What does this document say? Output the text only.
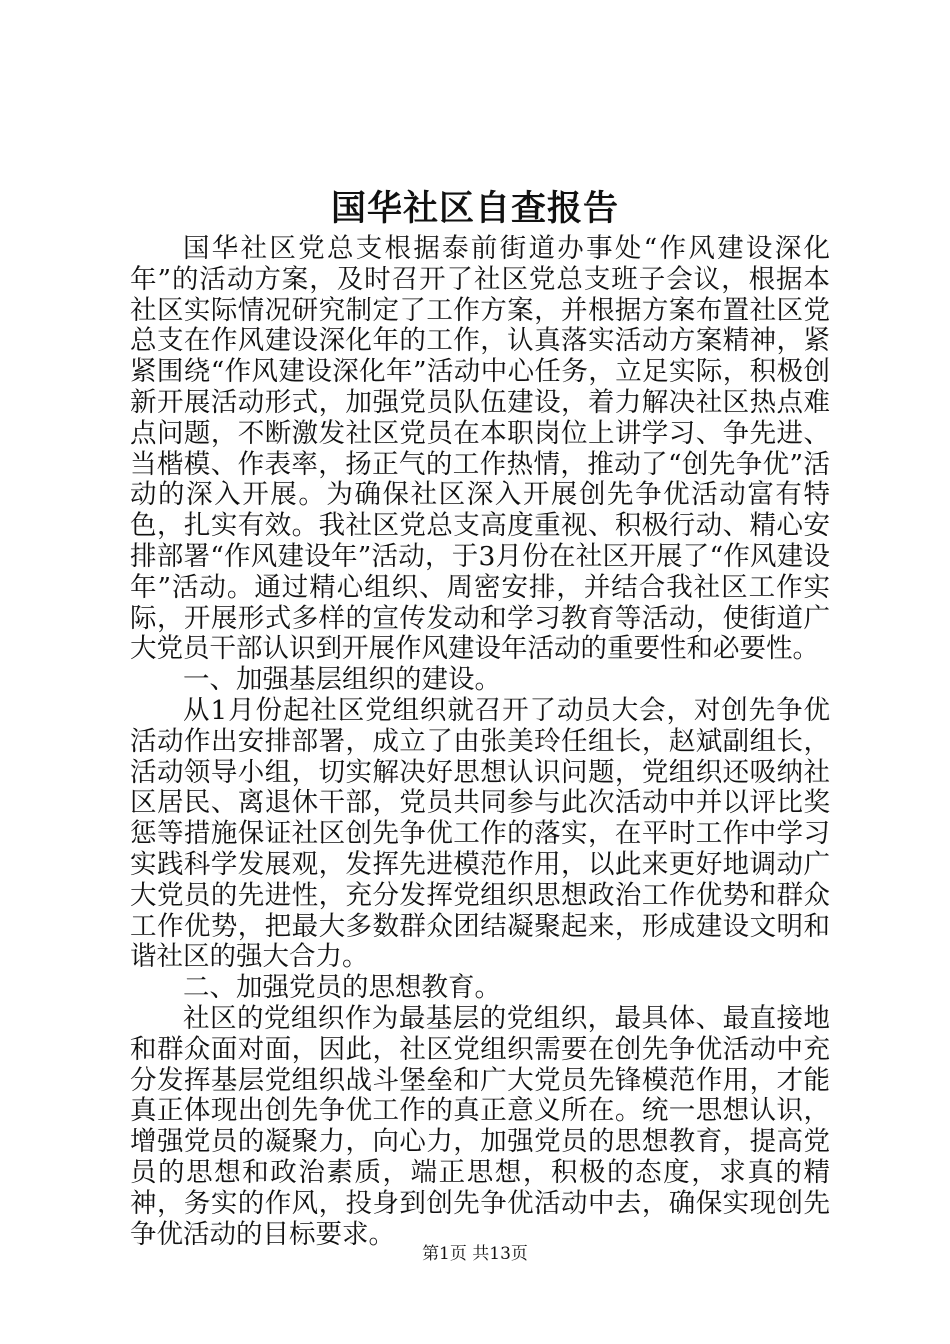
国华社区自查报告

国华社区党总支根据泰前街道办事处“作风建设深化年”的活动方案，及时召开了社区党总支班子会议，根据本社区实际情况研究制定了工作方案，并根据方案布置社区党总支在作风建设深化年的工作，认真落实活动方案精神，紧紧围绕“作风建设深化年”活动中心任务，立足实际，积极创新开展活动形式，加强党员队伍建设，着力解决社区热点难点问题，不断激发社区党员在本职岗位上讲学习、争先进、当楷模、作表率，扬正气的工作热情，推动了“创先争优”活动的深入开展。为确保社区深入开展创先争优活动富有特色，扎实有效。我社区党总支高度重视、积极行动、精心安排部署“作风建设年”活动，于3月份在社区开展了“作风建设年”活动。通过精心组织、周密安排，并结合我社区工作实际，开展形式多样的宣传发动和学习教育等活动，使街道广大党员干部认识到开展作风建设年活动的重要性和必要性。

一、加强基层组织的建设。

从1月份起社区党组织就召开了动员大会，对创先争优活动作出安排部署，成立了由张美玲任组长，赵斌副组长，活动领导小组，切实解决好思想认识问题，党组织还吸纳社区居民、离退休干部，党员共同参与此次活动中并以评比奖惩等措施保证社区创先争优工作的落实，在平时工作中学习实践科学发展观，发挥先进模范作用，以此来更好地调动广大党员的先进性，充分发挥党组织思想政治工作优势和群众工作优势，把最大多数群众团结凝聚起来，形成建设文明和谐社区的强大合力。

二、加强党员的思想教育。

社区的党组织作为最基层的党组织，最具体、最直接地和群众面对面，因此，社区党组织需要在创先争优活动中充分发挥基层党组织战斗堡垒和广大党员先锋模范作用，才能真正体现出创先争优工作的真正意义所在。统一思想认识，增强党员的凝聚力，向心力，加强党员的思想教育，提高党员的思想和政治素质，端正思想，积极的态度，求真的精神，务实的作风，投身到创先争优活动中去，确保实现创先争优活动的目标要求。

第1页 共13页
